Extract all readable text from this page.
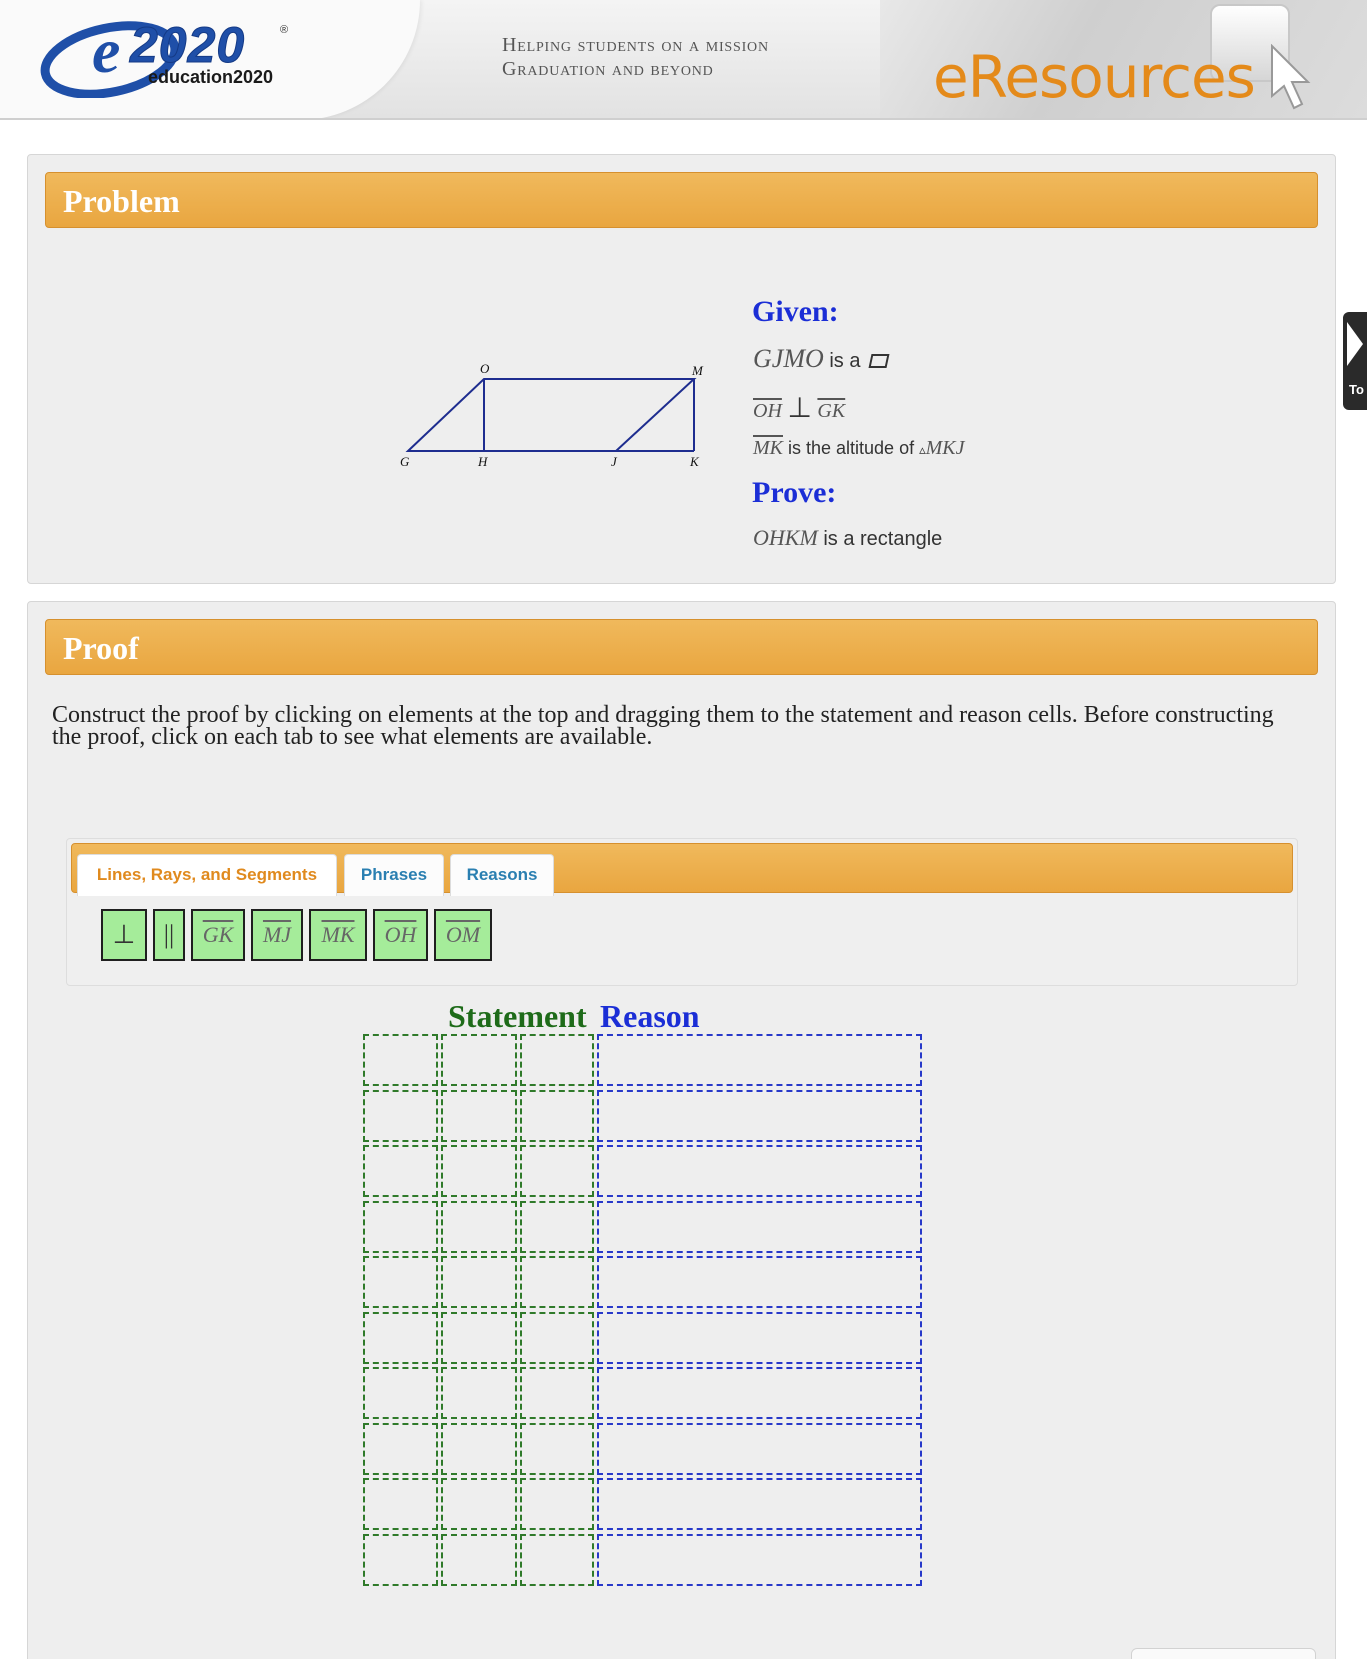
e 2020	®
education2020
Helping students on a mission
Graduation and beyond	eResources
Problem
G	H	J	K
O	M
Given:
GJMO is a
$\overline{OH}$ ⊥ $\overline{GK}$
$\overline{MK}$ is the altitude of ▵MKJ
Prove:
OHKM is a rectangle
Proof
Construct the proof by clicking on elements at the top and dragging them to the statement and reason cells. Before constructing the proof, click on each tab to see what elements are available.
Lines, Rays, and Segments	Phrases	Reasons
⊥	||	$\overline{GK}$	$\overline{MJ}$	$\overline{MK}$	$\overline{OH}$	$\overline{OM}$
Statement Reason
To
